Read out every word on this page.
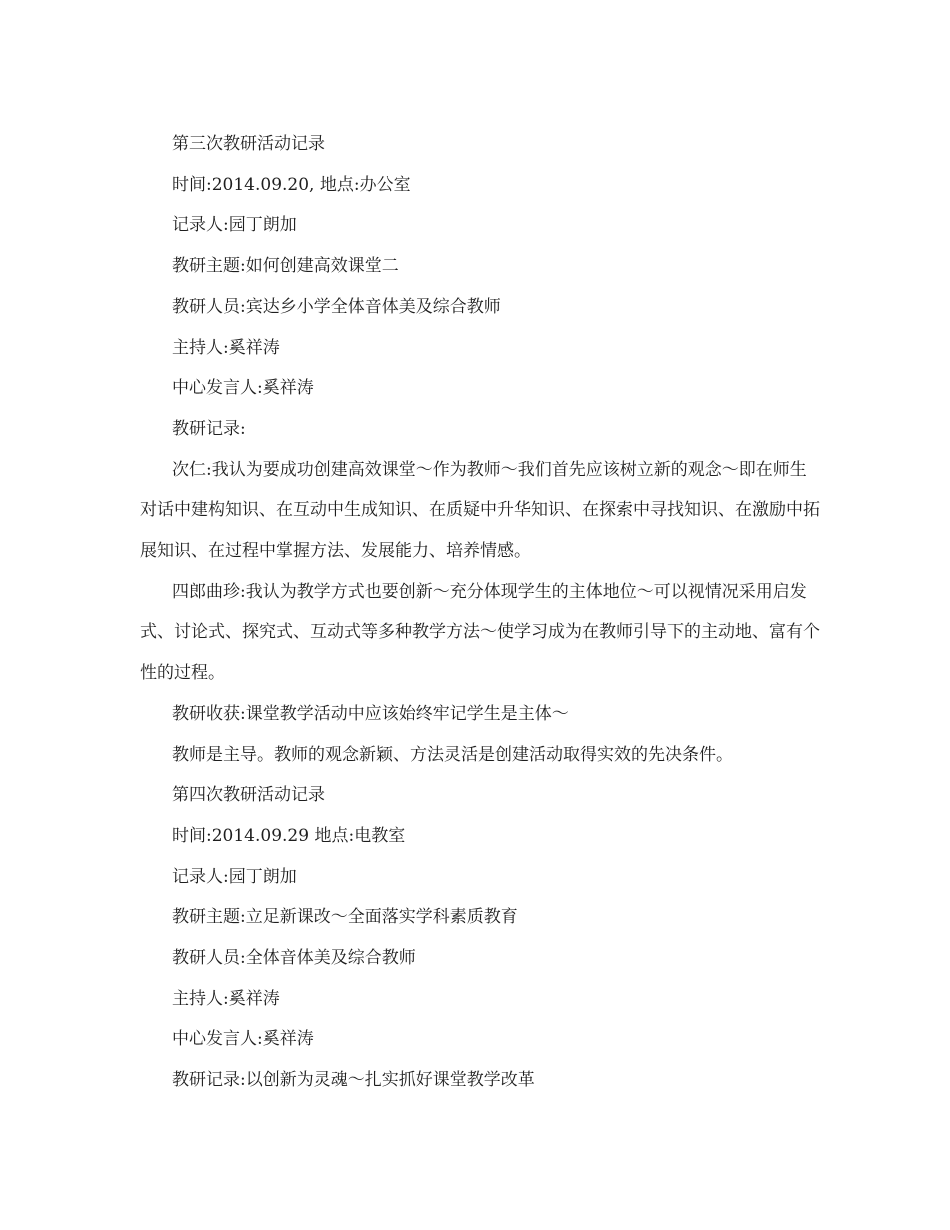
第三次教研活动记录

时间:2014.09.20, 地点:办公室

记录人:园丁朗加

教研主题:如何创建高效课堂二

教研人员:宾达乡小学全体音体美及综合教师

主持人:奚祥涛

中心发言人:奚祥涛

教研记录:

次仁:我认为要成功创建高效课堂～作为教师～我们首先应该树立新的观念～即在师生对话中建构知识、在互动中生成知识、在质疑中升华知识、在探索中寻找知识、在激励中拓展知识、在过程中掌握方法、发展能力、培养情感。

四郎曲珍:我认为教学方式也要创新～充分体现学生的主体地位～可以视情况采用启发式、讨论式、探究式、互动式等多种教学方法～使学习成为在教师引导下的主动地、富有个性的过程。

教研收获:课堂教学活动中应该始终牢记学生是主体～

教师是主导。教师的观念新颖、方法灵活是创建活动取得实效的先决条件。

第四次教研活动记录

时间:2014.09.29 地点:电教室

记录人:园丁朗加

教研主题:立足新课改～全面落实学科素质教育

教研人员:全体音体美及综合教师

主持人:奚祥涛

中心发言人:奚祥涛

教研记录:以创新为灵魂～扎实抓好课堂教学改革
